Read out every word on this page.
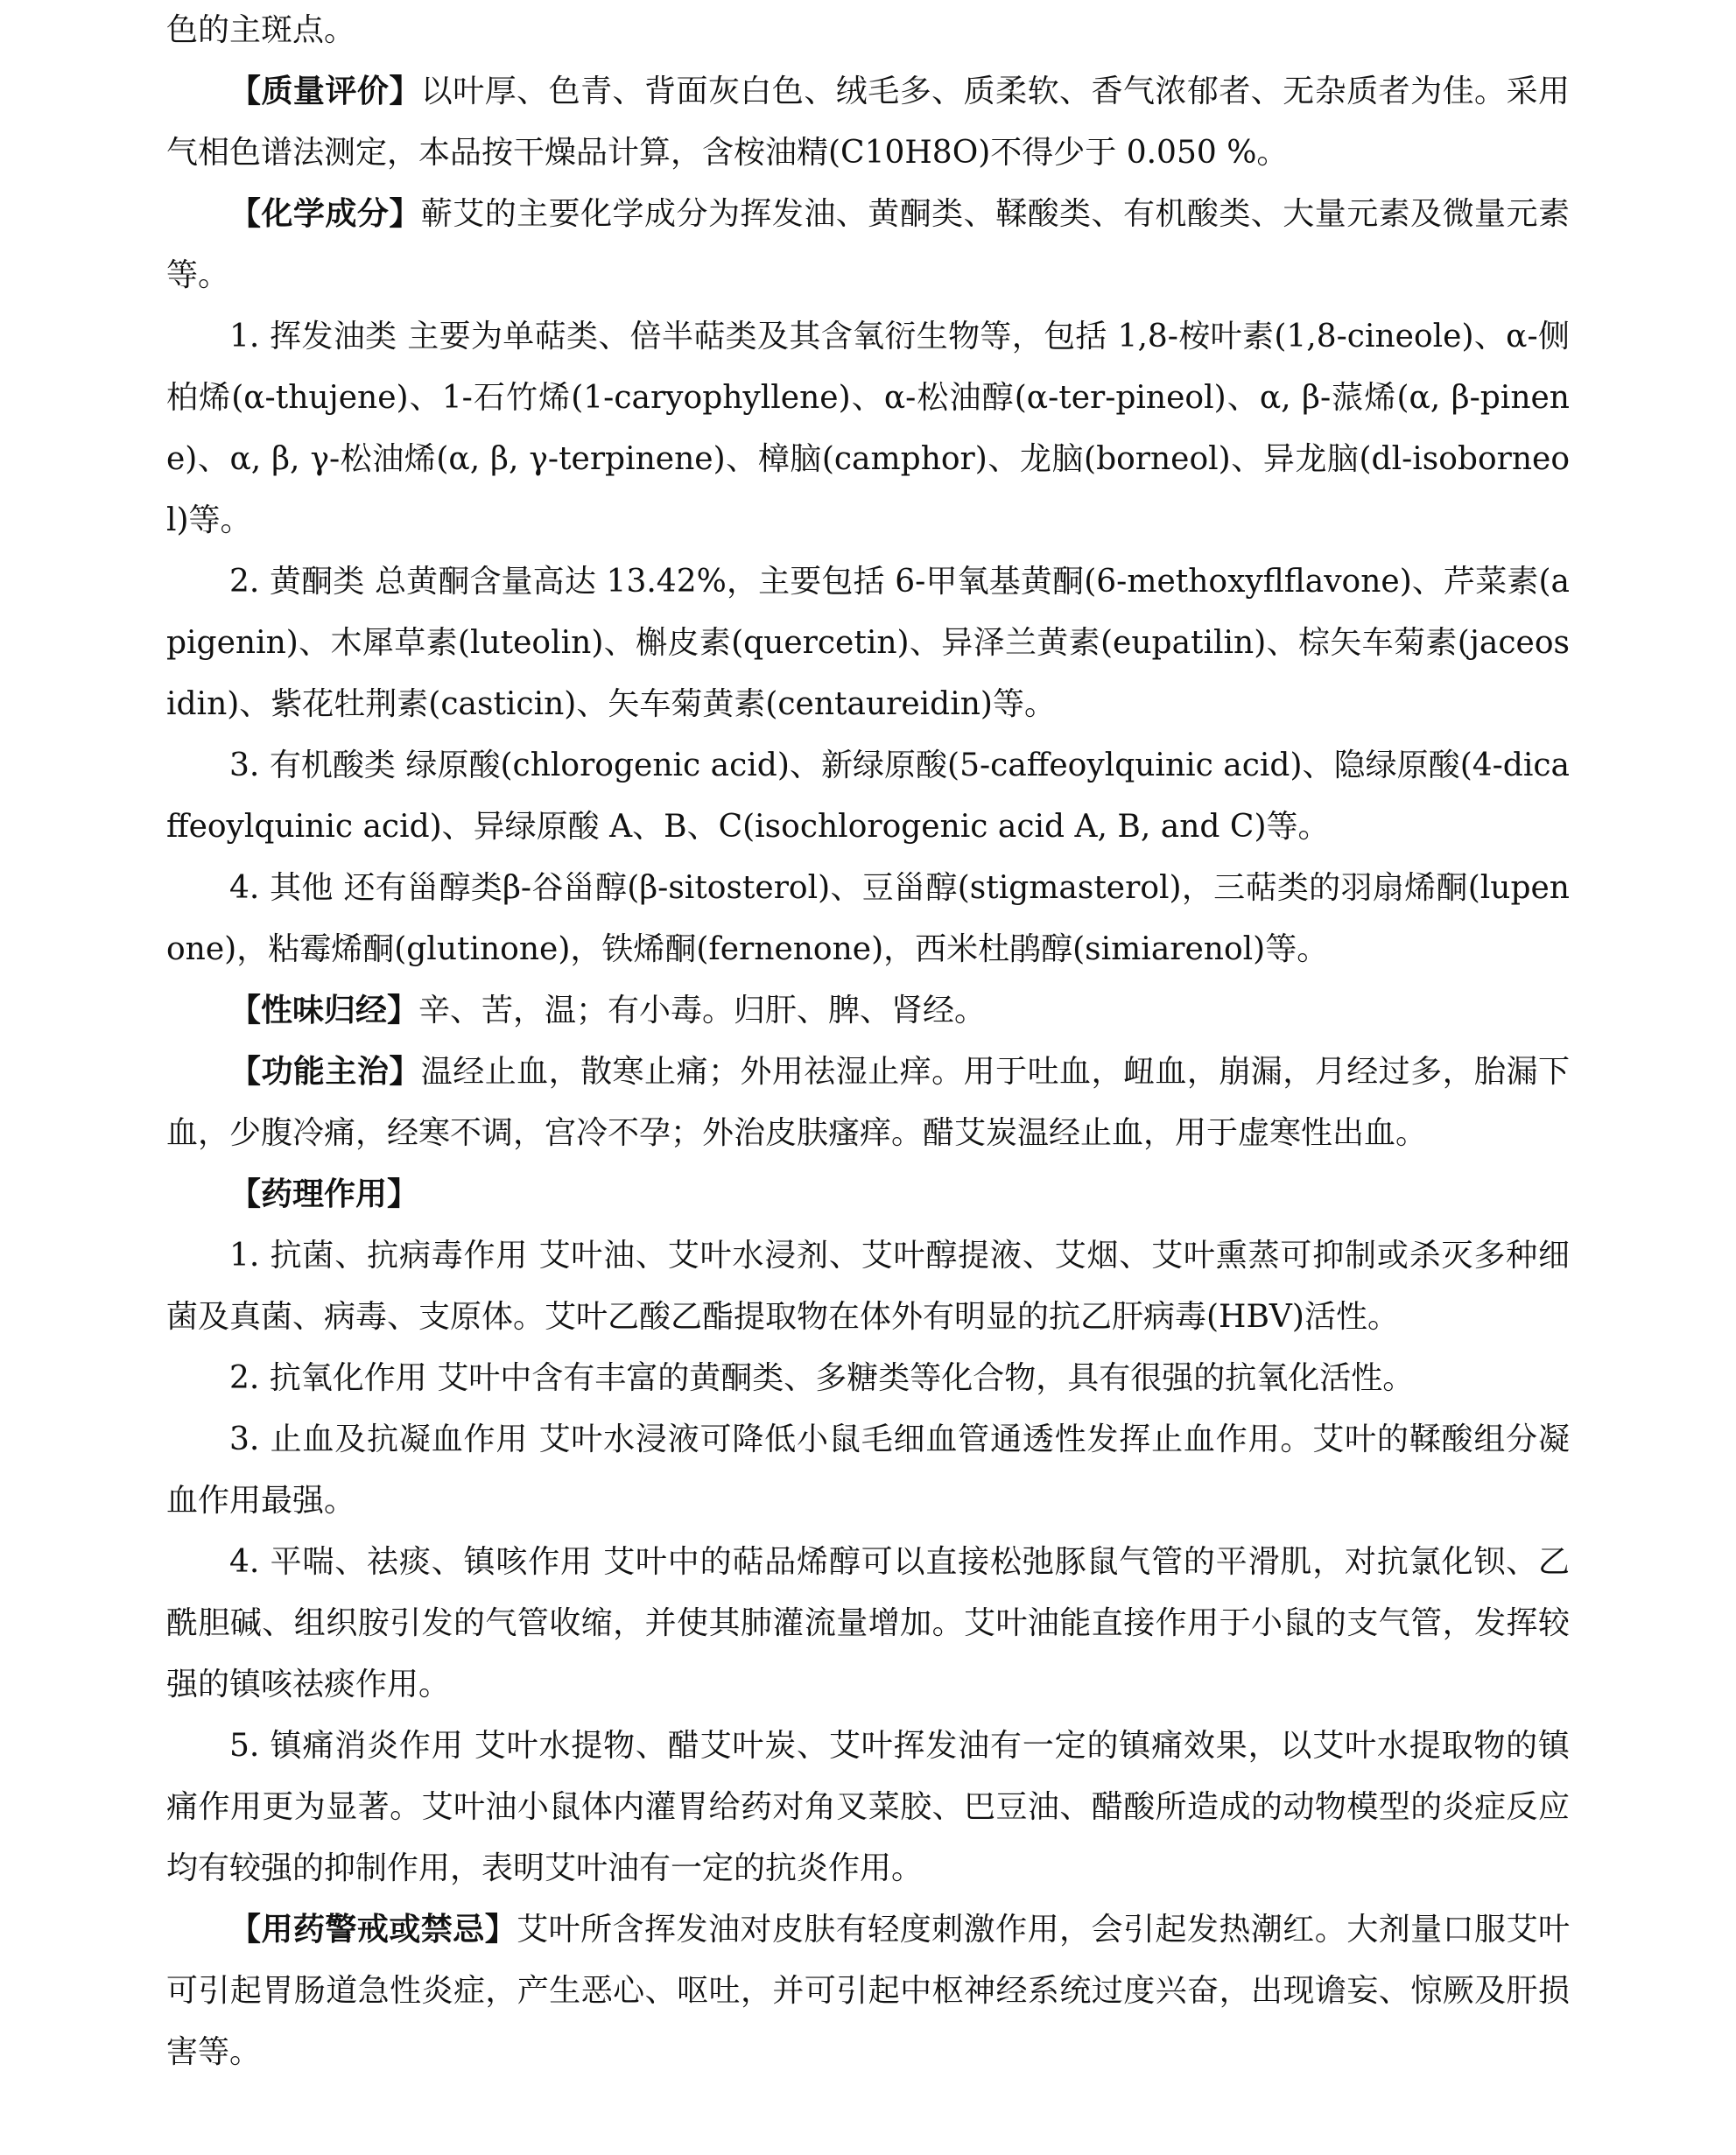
色的主斑点。

【质量评价】以叶厚、色青、背面灰白色、绒毛多、质柔软、香气浓郁者、无杂质者为佳。采用气相色谱法测定，本品按干燥品计算，含桉油精(C10H8O)不得少于 0.050 %。

【化学成分】蕲艾的主要化学成分为挥发油、黄酮类、鞣酸类、有机酸类、大量元素及微量元素等。

1. 挥发油类 主要为单萜类、倍半萜类及其含氧衍生物等，包括 1,8-桉叶素(1,8-cineole)、α-侧柏烯(α-thujene)、1-石竹烯(1-caryophyllene)、α-松油醇(α-ter-pineol)、α, β-蒎烯(α, β-pinene)、α, β, γ-松油烯(α, β, γ-terpinene)、樟脑(camphor)、龙脑(borneol)、异龙脑(dl-isoborneol)等。

2. 黄酮类 总黄酮含量高达 13.42%，主要包括 6-甲氧基黄酮(6-methoxyflflavone)、芹菜素(apigenin)、木犀草素(luteolin)、槲皮素(quercetin)、异泽兰黄素(eupatilin)、棕矢车菊素(jaceosidin)、紫花牡荆素(casticin)、矢车菊黄素(centaureidin)等。

3. 有机酸类 绿原酸(chlorogenic acid)、新绿原酸(5-caffeoylquinic acid)、隐绿原酸(4-dicaffeoylquinic acid)、异绿原酸 A、B、C(isochlorogenic acid A, B, and C)等。

4. 其他 还有甾醇类β-谷甾醇(β-sitosterol)、豆甾醇(stigmasterol)，三萜类的羽扇烯酮(lupenone)，粘霉烯酮(glutinone)，铁烯酮(fernenone)，西米杜鹃醇(simiarenol)等。

【性味归经】辛、苦，温；有小毒。归肝、脾、肾经。

【功能主治】温经止血，散寒止痛；外用祛湿止痒。用于吐血，衄血，崩漏，月经过多，胎漏下血，少腹冷痛，经寒不调，宫冷不孕；外治皮肤瘙痒。醋艾炭温经止血，用于虚寒性出血。

【药理作用】

1. 抗菌、抗病毒作用 艾叶油、艾叶水浸剂、艾叶醇提液、艾烟、艾叶熏蒸可抑制或杀灭多种细菌及真菌、病毒、支原体。艾叶乙酸乙酯提取物在体外有明显的抗乙肝病毒(HBV)活性。

2. 抗氧化作用 艾叶中含有丰富的黄酮类、多糖类等化合物，具有很强的抗氧化活性。

3. 止血及抗凝血作用 艾叶水浸液可降低小鼠毛细血管通透性发挥止血作用。艾叶的鞣酸组分凝血作用最强。

4. 平喘、祛痰、镇咳作用 艾叶中的萜品烯醇可以直接松弛豚鼠气管的平滑肌，对抗氯化钡、乙酰胆碱、组织胺引发的气管收缩，并使其肺灌流量增加。艾叶油能直接作用于小鼠的支气管，发挥较强的镇咳祛痰作用。

5. 镇痛消炎作用 艾叶水提物、醋艾叶炭、艾叶挥发油有一定的镇痛效果，以艾叶水提取物的镇痛作用更为显著。艾叶油小鼠体内灌胃给药对角叉菜胶、巴豆油、醋酸所造成的动物模型的炎症反应均有较强的抑制作用，表明艾叶油有一定的抗炎作用。

【用药警戒或禁忌】艾叶所含挥发油对皮肤有轻度刺激作用，会引起发热潮红。大剂量口服艾叶可引起胃肠道急性炎症，产生恶心、呕吐，并可引起中枢神经系统过度兴奋，出现谵妄、惊厥及肝损害等。
